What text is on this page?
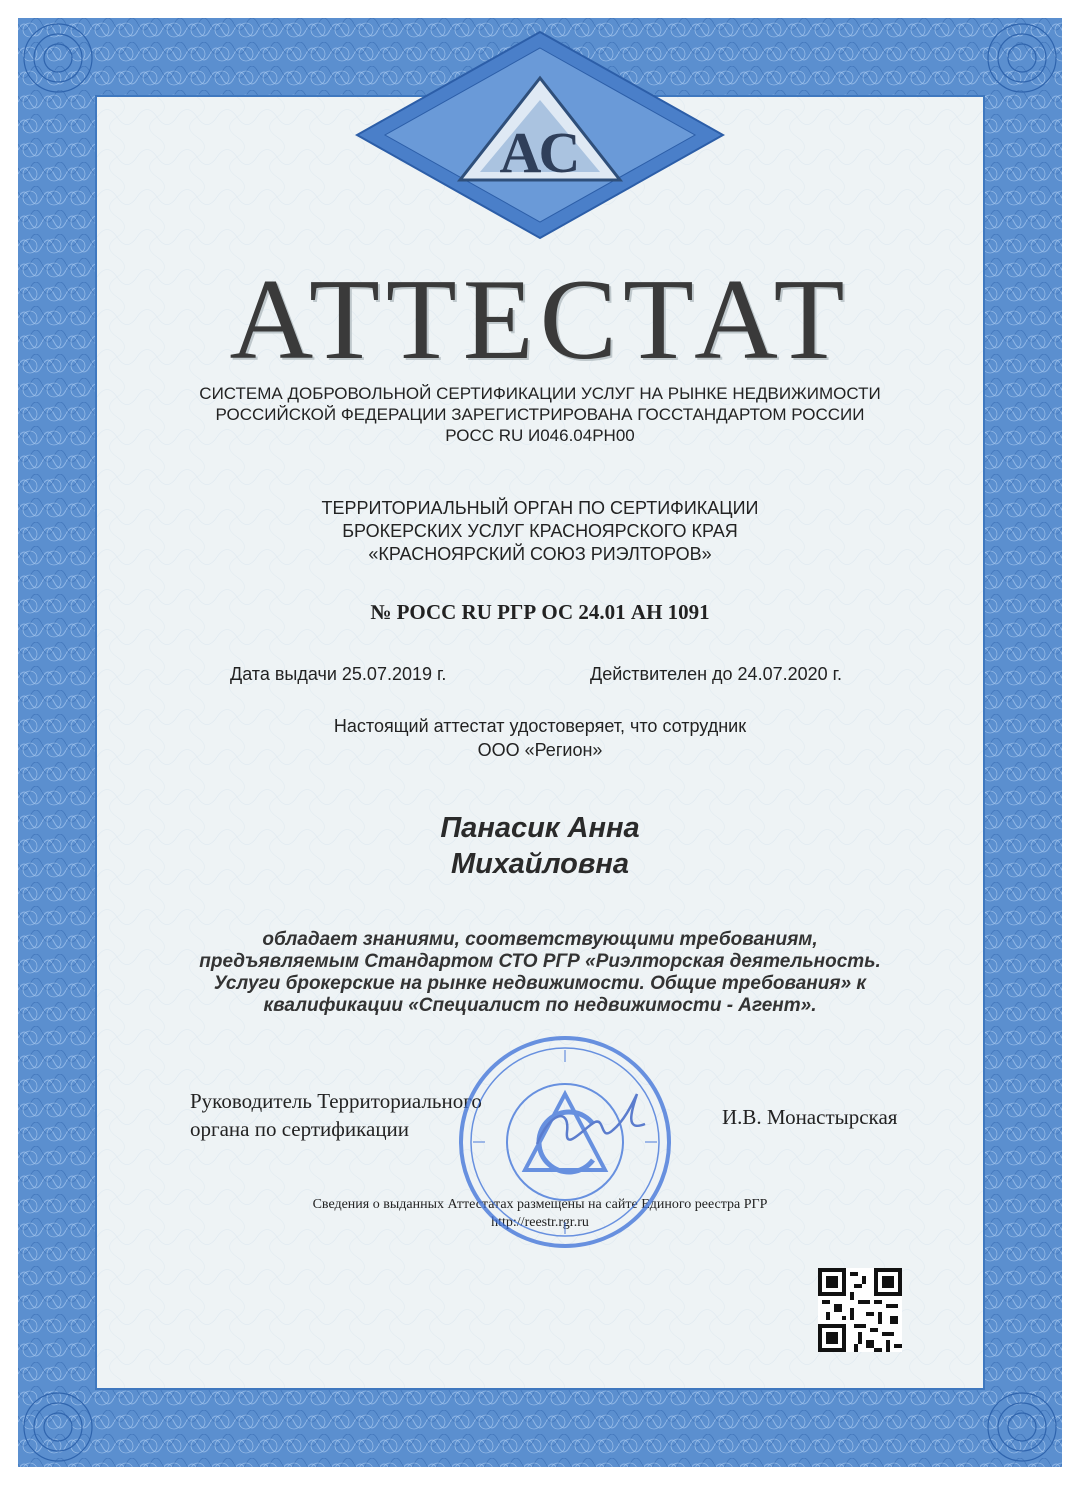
АС
АТТЕСТАТ
СИСТЕМА ДОБРОВОЛЬНОЙ СЕРТИФИКАЦИИ УСЛУГ НА РЫНКЕ НЕДВИЖИМОСТИ
РОССИЙСКОЙ ФЕДЕРАЦИИ ЗАРЕГИСТРИРОВАНА ГОССТАНДАРТОМ РОССИИ
РОСС RU И046.04РН00
ТЕРРИТОРИАЛЬНЫЙ ОРГАН ПО СЕРТИФИКАЦИИ
БРОКЕРСКИХ УСЛУГ КРАСНОЯРСКОГО КРАЯ
«КРАСНОЯРСКИЙ СОЮЗ РИЭЛТОРОВ»
№ РОСС RU РГР ОС 24.01 АН 1091
Дата выдачи 25.07.2019 г.	Действителен до 24.07.2020 г.
Настоящий аттестат удостоверяет, что сотрудник
ООО «Регион»
Панасик Анна
Михайловна
обладает знаниями, соответствующими требованиям,
предъявляемым Стандартом СТО РГР «Риэлторская деятельность.
Услуги брокерские на рынке недвижимости. Общие требования» к
квалификации «Специалист по недвижимости - Агент».
Руководитель Территориального
органа по сертификации	И.В. Монастырская
Сведения о выданных Аттестатах размещены на сайте Единого реестра РГР
http://reestr.rgr.ru
